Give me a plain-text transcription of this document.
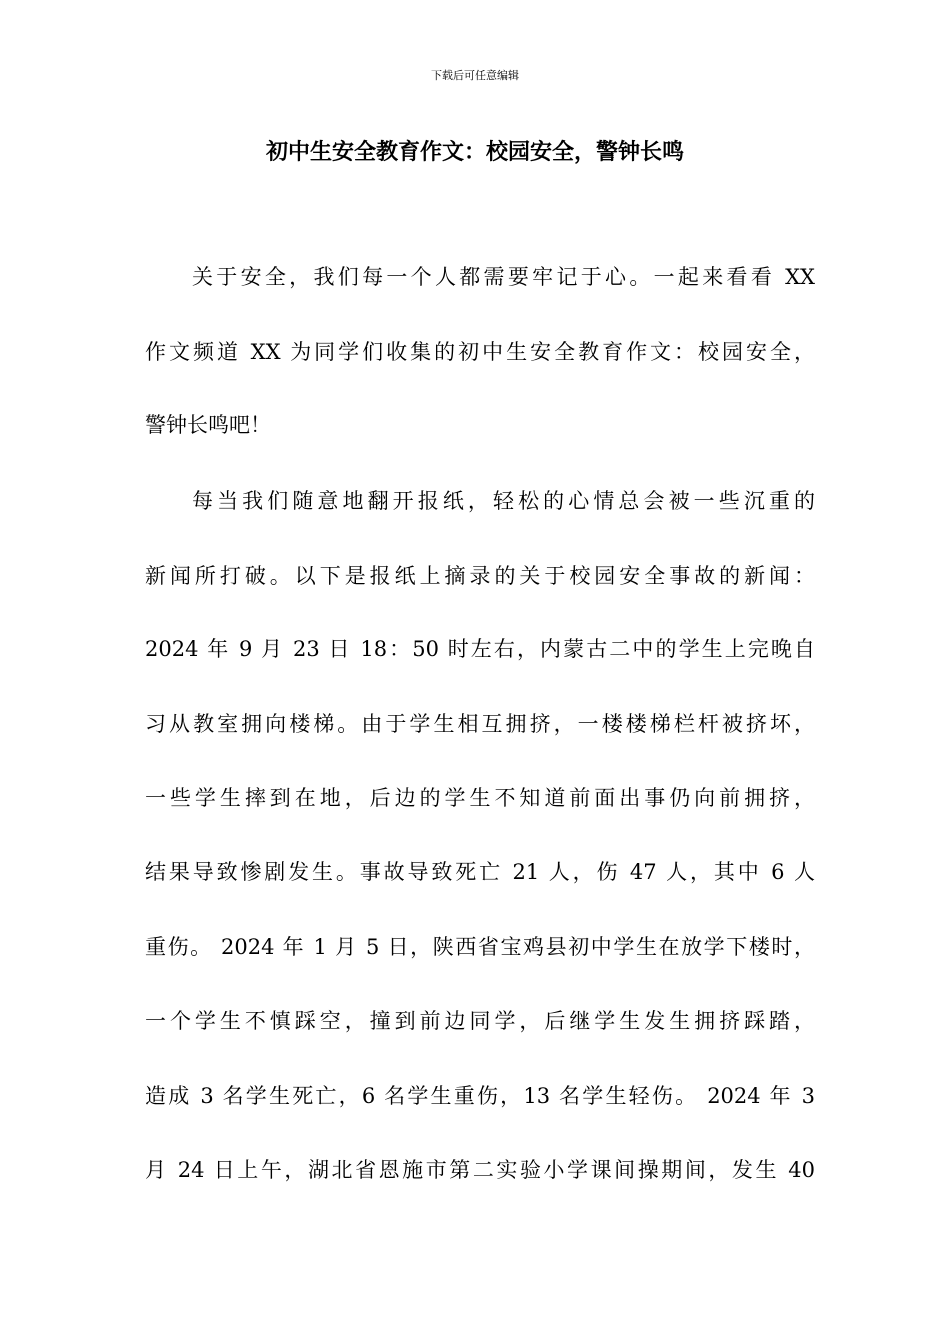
下载后可任意编辑
初中生安全教育作文：校园安全，警钟长鸣
关于安全，我们每一个人都需要牢记于心。一起来看看 XX
作文频道 XX 为同学们收集的初中生安全教育作文：校园安全，
警钟长鸣吧！
每当我们随意地翻开报纸，轻松的心情总会被一些沉重的
新闻所打破。以下是报纸上摘录的关于校园安全事故的新闻：
2024 年 9 月 23 日 18：50 时左右，内蒙古二中的学生上完晚自
习从教室拥向楼梯。由于学生相互拥挤，一楼楼梯栏杆被挤坏，
一些学生摔到在地，后边的学生不知道前面出事仍向前拥挤，
结果导致惨剧发生。事故导致死亡 21 人，伤 47 人，其中 6 人
重伤。 2024 年 1 月 5 日，陕西省宝鸡县初中学生在放学下楼时，
一个学生不慎踩空，撞到前边同学，后继学生发生拥挤踩踏，
造成 3 名学生死亡，6 名学生重伤，13 名学生轻伤。 2024 年 3
月 24 日上午，湖北省恩施市第二实验小学课间操期间，发生 40
